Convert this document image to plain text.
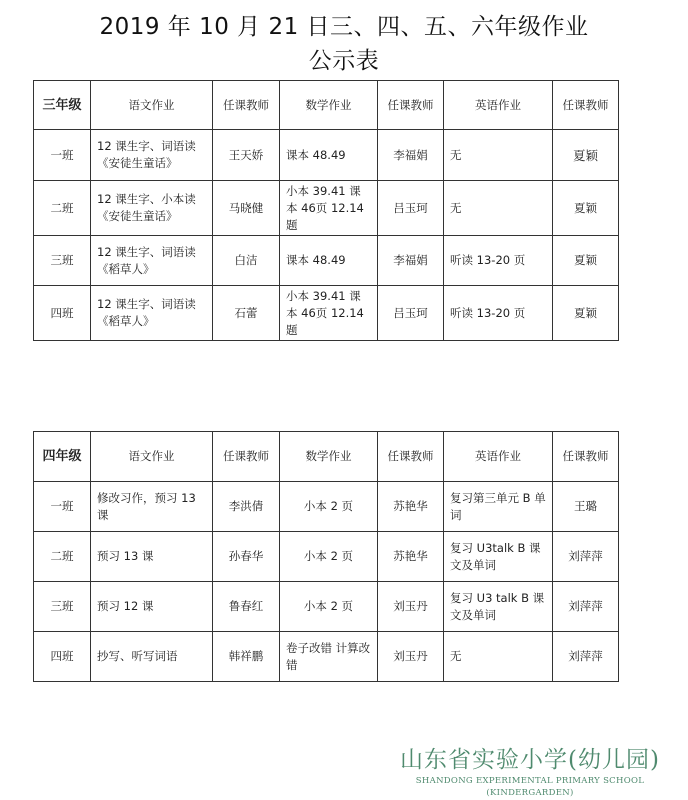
2019 年 10 月 21 日三、四、五、六年级作业
公示表
三年级	语文作业	任课教师	数学作业	任课教师	英语作业	任课教师
一班	12 课生字、词语读《安徒生童话》	王天娇	课本 48.49	李福娟	无	夏颖
二班	12 课生字、小本读《安徒生童话》	马晓健	小本 39.41 课本 46页 12.14 题	吕玉珂	无	夏颖
三班	12 课生字、词语读《稻草人》	白洁	课本 48.49	李福娟	听读 13-20 页	夏颖
四班	12 课生字、词语读《稻草人》	石蕾	小本 39.41 课本 46页 12.14 题	吕玉珂	听读 13-20 页	夏颖
四年级	语文作业	任课教师	数学作业	任课教师	英语作业	任课教师
一班	修改习作，预习 13 课	李洪倩	小本 2 页	苏艳华	复习第三单元 B 单词	王璐
二班	预习 13 课	孙春华	小本 2 页	苏艳华	复习 U3talk B 课文及单词	刘萍萍
三班	预习 12 课	鲁春红	小本 2 页	刘玉丹	复习 U3 talk B 课文及单词	刘萍萍
四班	抄写、听写词语	韩祥鹏	卷子改错 计算改错	刘玉丹	无	刘萍萍
山东省实验小学(幼儿园)
SHANDONG EXPERIMENTAL PRIMARY SCHOOL (KINDERGARDEN)
